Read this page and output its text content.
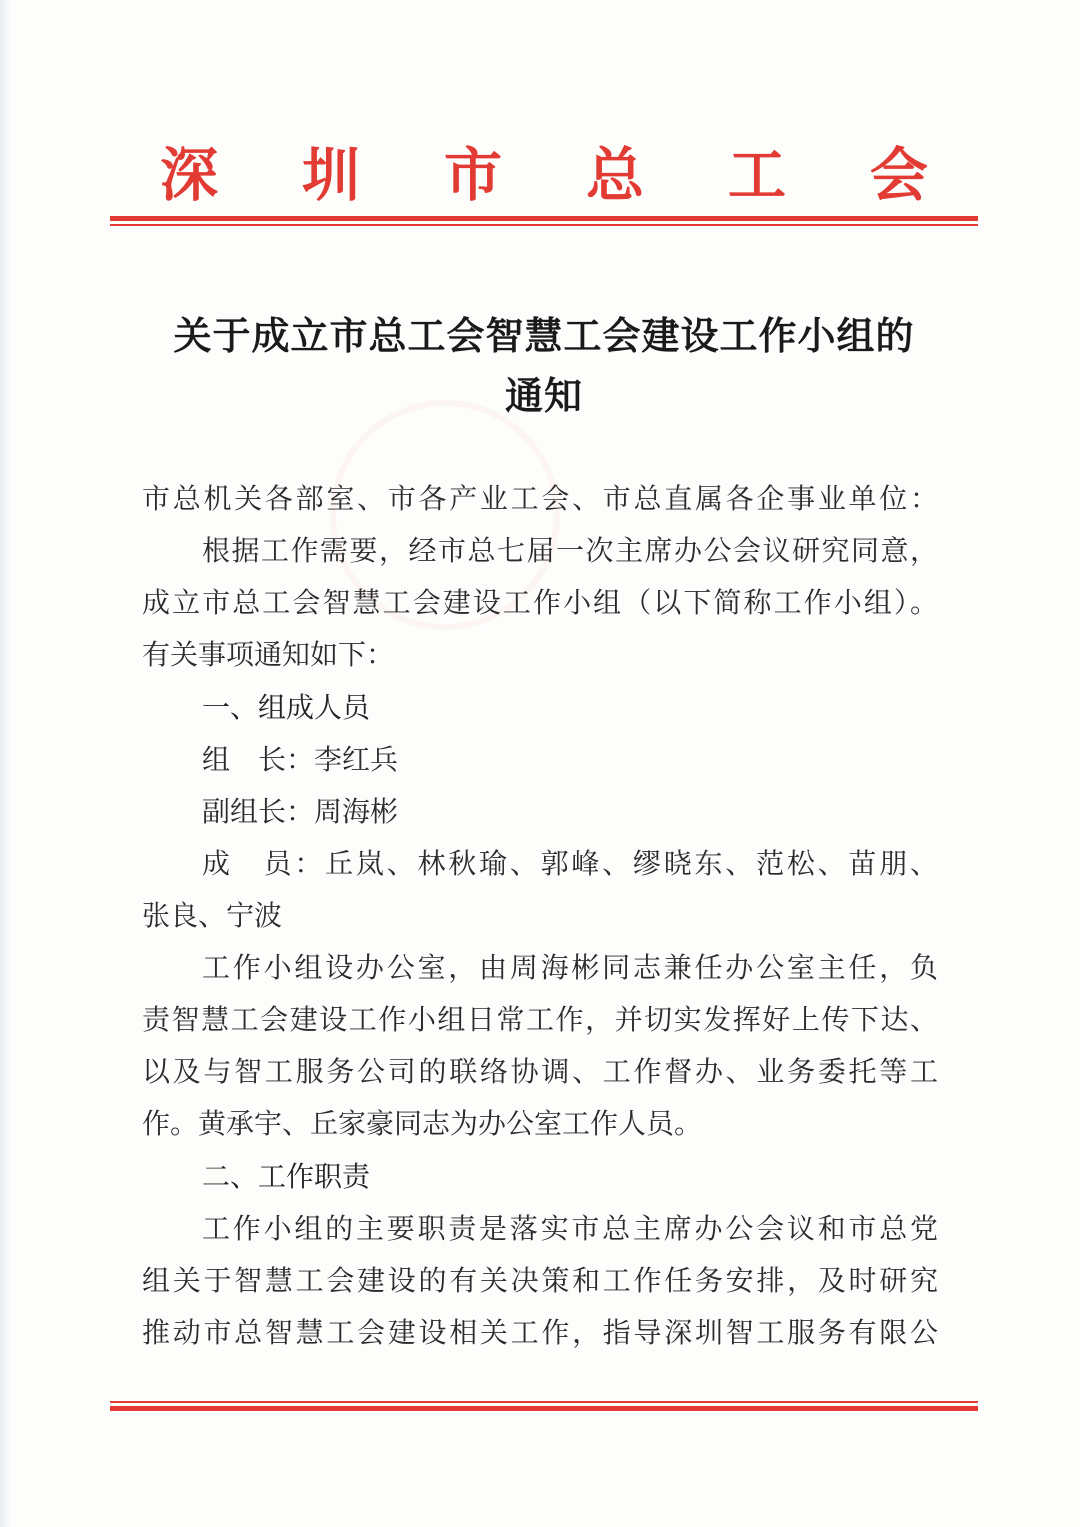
深 圳 市 总 工 会
关于成立市总工会智慧工会建设工作小组的
通知
市总机关各部室、市各产业工会、市总直属各企事业单位：
根据工作需要，经市总七届一次主席办公会议研究同意，
成立市总工会智慧工会建设工作小组（以下简称工作小组）。
有关事项通知如下：
一、组成人员
组　长：李红兵
副组长：周海彬
成　员：丘岚、林秋瑜、郭峰、缪晓东、范松、苗朋、
张良、宁波
工作小组设办公室，由周海彬同志兼任办公室主任，负
责智慧工会建设工作小组日常工作，并切实发挥好上传下达、
以及与智工服务公司的联络协调、工作督办、业务委托等工
作。黄承宇、丘家豪同志为办公室工作人员。
二、工作职责
工作小组的主要职责是落实市总主席办公会议和市总党
组关于智慧工会建设的有关决策和工作任务安排，及时研究
推动市总智慧工会建设相关工作，指导深圳智工服务有限公
